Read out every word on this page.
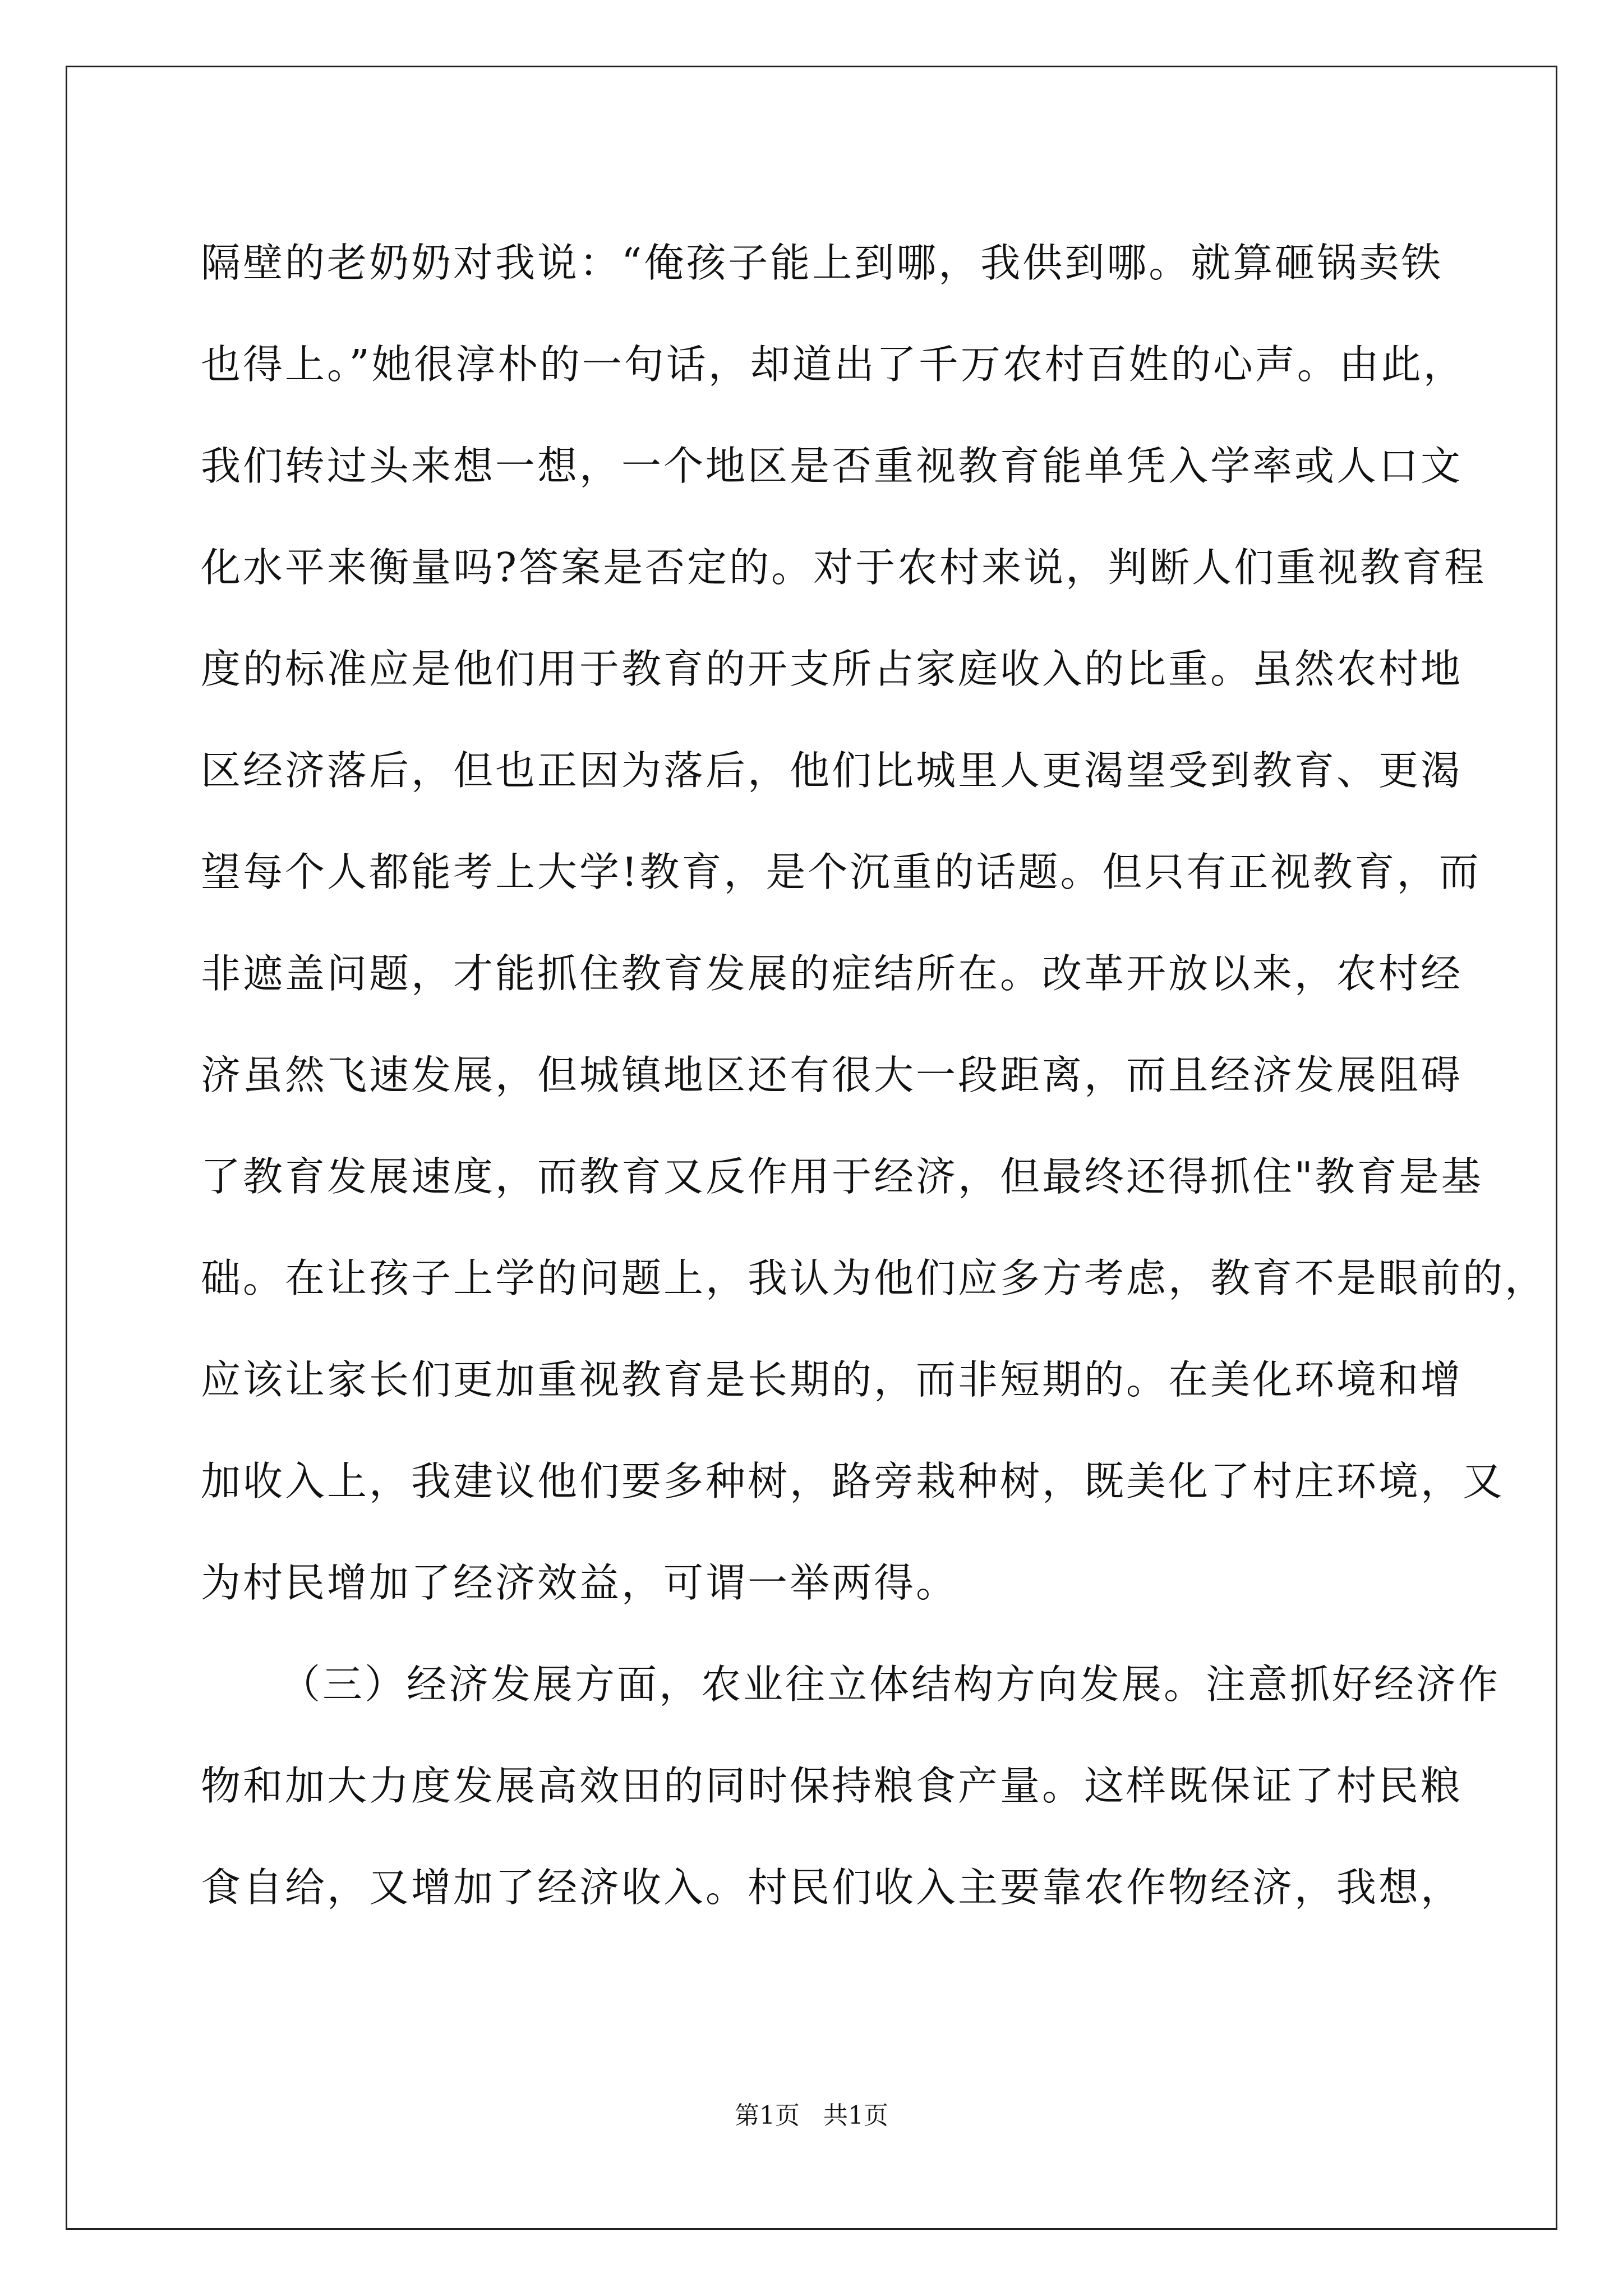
隔壁的老奶奶对我说：“俺孩子能上到哪，我供到哪。就算砸锅卖铁
也得上。”她很淳朴的一句话，却道出了千万农村百姓的心声。由此，
我们转过头来想一想，一个地区是否重视教育能单凭入学率或人口文
化水平来衡量吗?答案是否定的。对于农村来说，判断人们重视教育程
度的标准应是他们用于教育的开支所占家庭收入的比重。虽然农村地
区经济落后，但也正因为落后，他们比城里人更渴望受到教育、更渴
望每个人都能考上大学!教育，是个沉重的话题。但只有正视教育，而
非遮盖问题，才能抓住教育发展的症结所在。改革开放以来，农村经
济虽然飞速发展，但城镇地区还有很大一段距离，而且经济发展阻碍
了教育发展速度，而教育又反作用于经济，但最终还得抓住"教育是基
础。在让孩子上学的问题上，我认为他们应多方考虑，教育不是眼前的，
应该让家长们更加重视教育是长期的，而非短期的。在美化环境和增
加收入上，我建议他们要多种树，路旁栽种树，既美化了村庄环境，又
为村民增加了经济效益，可谓一举两得。
（三）经济发展方面，农业往立体结构方向发展。注意抓好经济作
物和加大力度发展高效田的同时保持粮食产量。这样既保证了村民粮
食自给，又增加了经济收入。村民们收入主要靠农作物经济，我想，
第1页 共1页
